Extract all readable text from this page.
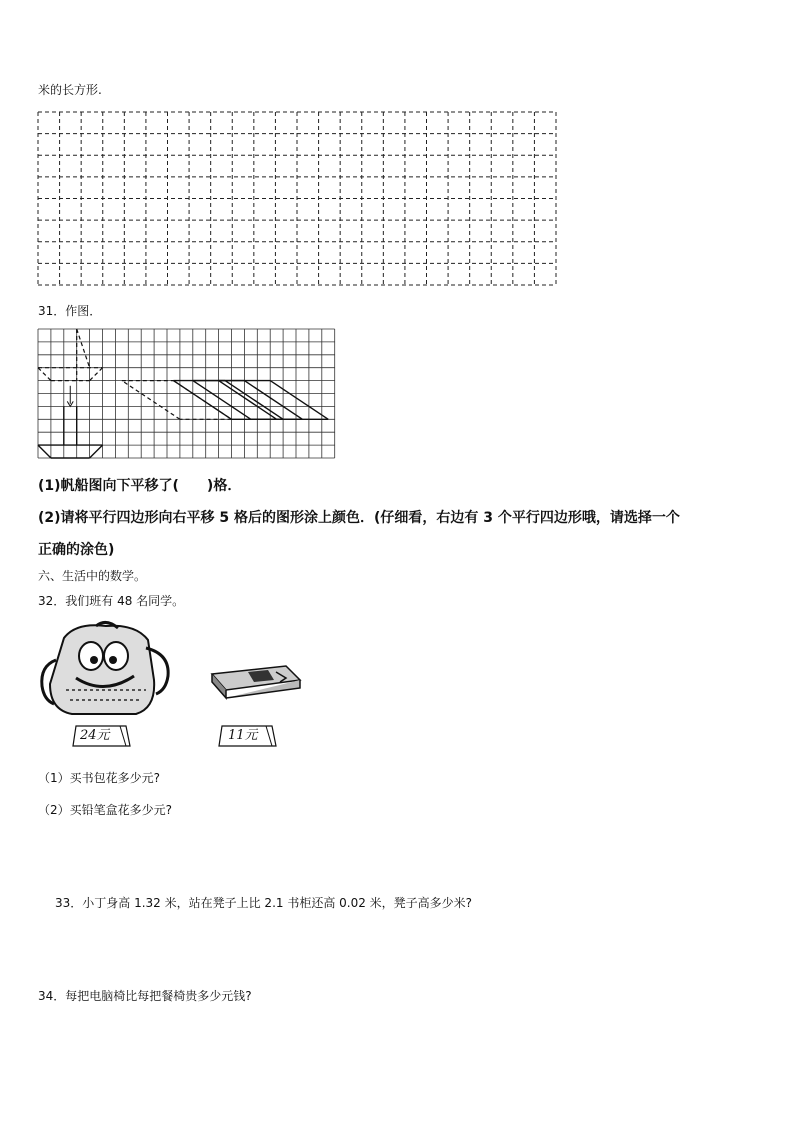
米的长方形.
31．作图．
(1)帆船图向下平移了(　　)格．
(2)请将平行四边形向右平移 5 格后的图形涂上颜色．(仔细看，右边有 3 个平行四边形哦，请选择一个
正确的涂色)
六、生活中的数学。
32．我们班有 48 名同学。
24元	11元
（1）买书包花多少元?
（2）买铅笔盒花多少元?
33．小丁身高 1.32 米，站在凳子上比 2.1 书柜还高 0.02 米，凳子高多少米?
34．每把电脑椅比每把餐椅贵多少元钱?
